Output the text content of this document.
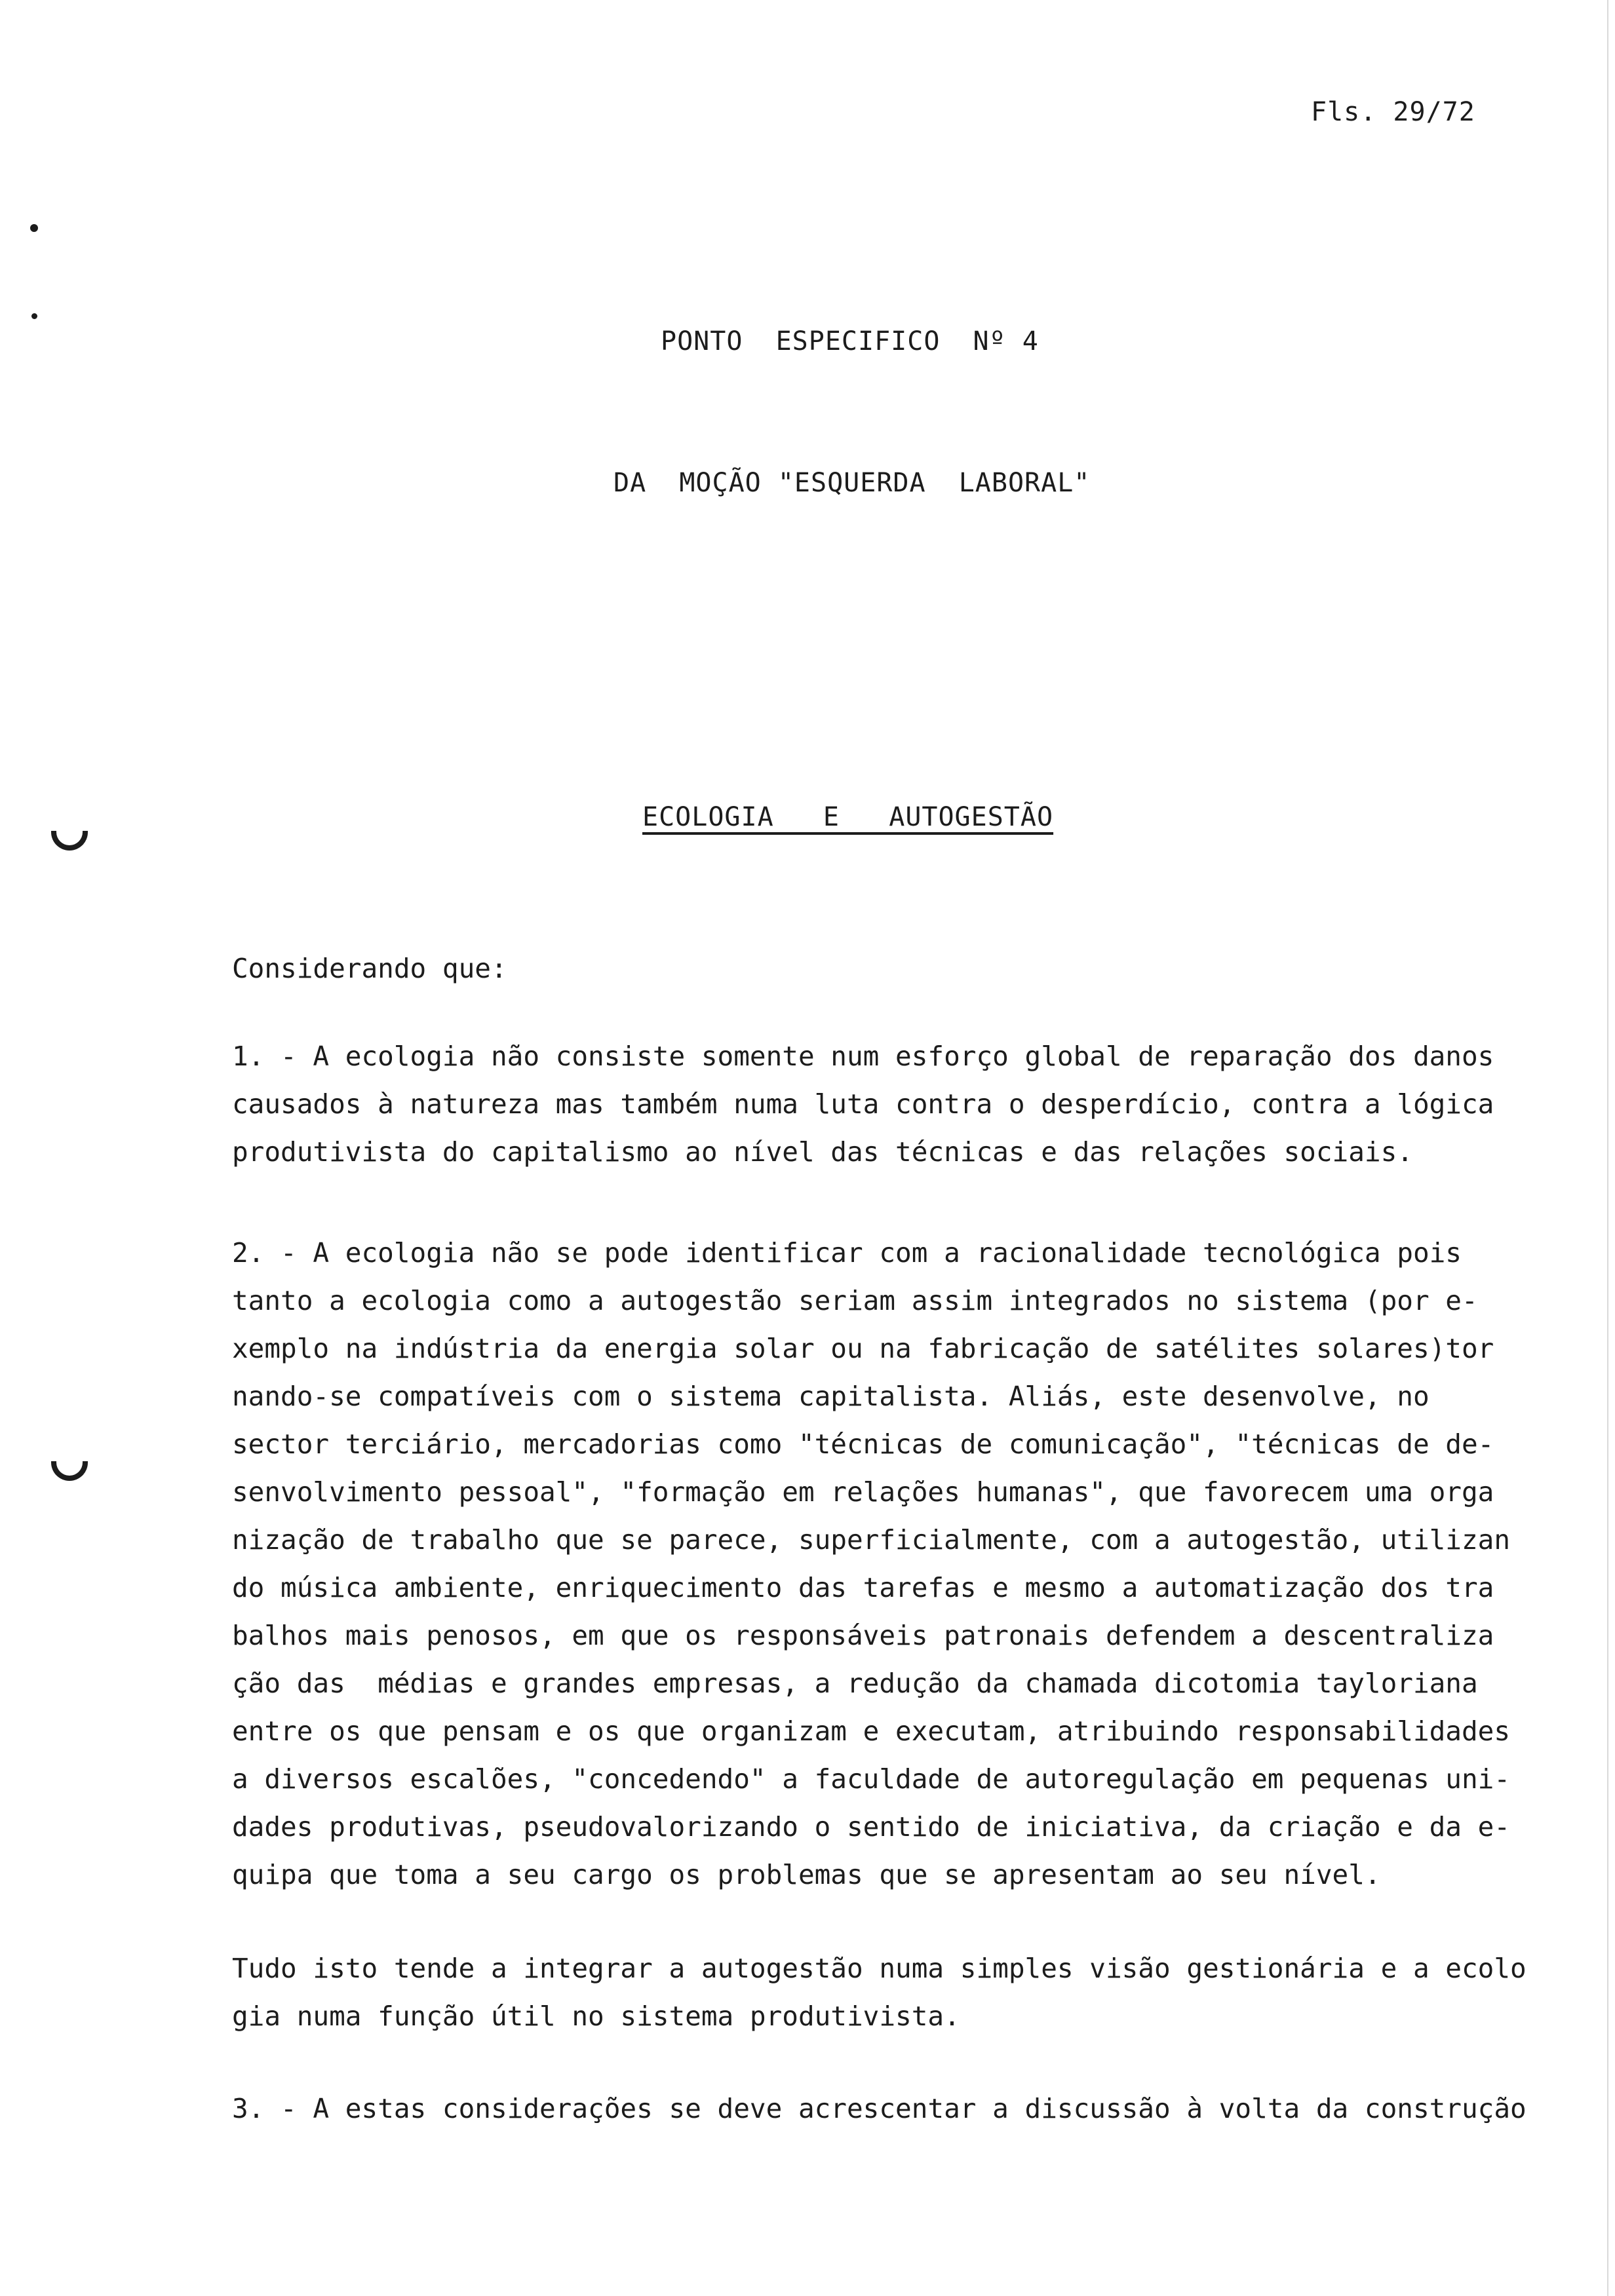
Fls. 29/72
PONTO  ESPECIFICO  Nº 4
DA  MOÇÃO "ESQUERDA  LABORAL"
ECOLOGIA   E   AUTOGESTÃO
Considerando que:
1. - A ecologia não consiste somente num esforço global de reparação dos danos
causados à natureza mas também numa luta contra o desperdício, contra a lógica
produtivista do capitalismo ao nível das técnicas e das relações sociais.
2. - A ecologia não se pode identificar com a racionalidade tecnológica pois
tanto a ecologia como a autogestão seriam assim integrados no sistema (por e-
xemplo na indústria da energia solar ou na fabricação de satélites solares)tor
nando-se compatíveis com o sistema capitalista. Aliás, este desenvolve, no
sector terciário, mercadorias como "técnicas de comunicação", "técnicas de de-
senvolvimento pessoal", "formação em relações humanas", que favorecem uma orga
nização de trabalho que se parece, superficialmente, com a autogestão, utilizan
do música ambiente, enriquecimento das tarefas e mesmo a automatização dos tra
balhos mais penosos, em que os responsáveis patronais defendem a descentraliza
ção das  médias e grandes empresas, a redução da chamada dicotomia tayloriana
entre os que pensam e os que organizam e executam, atribuindo responsabilidades
a diversos escalões, "concedendo" a faculdade de autoregulação em pequenas uni-
dades produtivas, pseudovalorizando o sentido de iniciativa, da criação e da e-
quipa que toma a seu cargo os problemas que se apresentam ao seu nível.
Tudo isto tende a integrar a autogestão numa simples visão gestionária e a ecolo
gia numa função útil no sistema produtivista.
3. - A estas considerações se deve acrescentar a discussão à volta da construção
